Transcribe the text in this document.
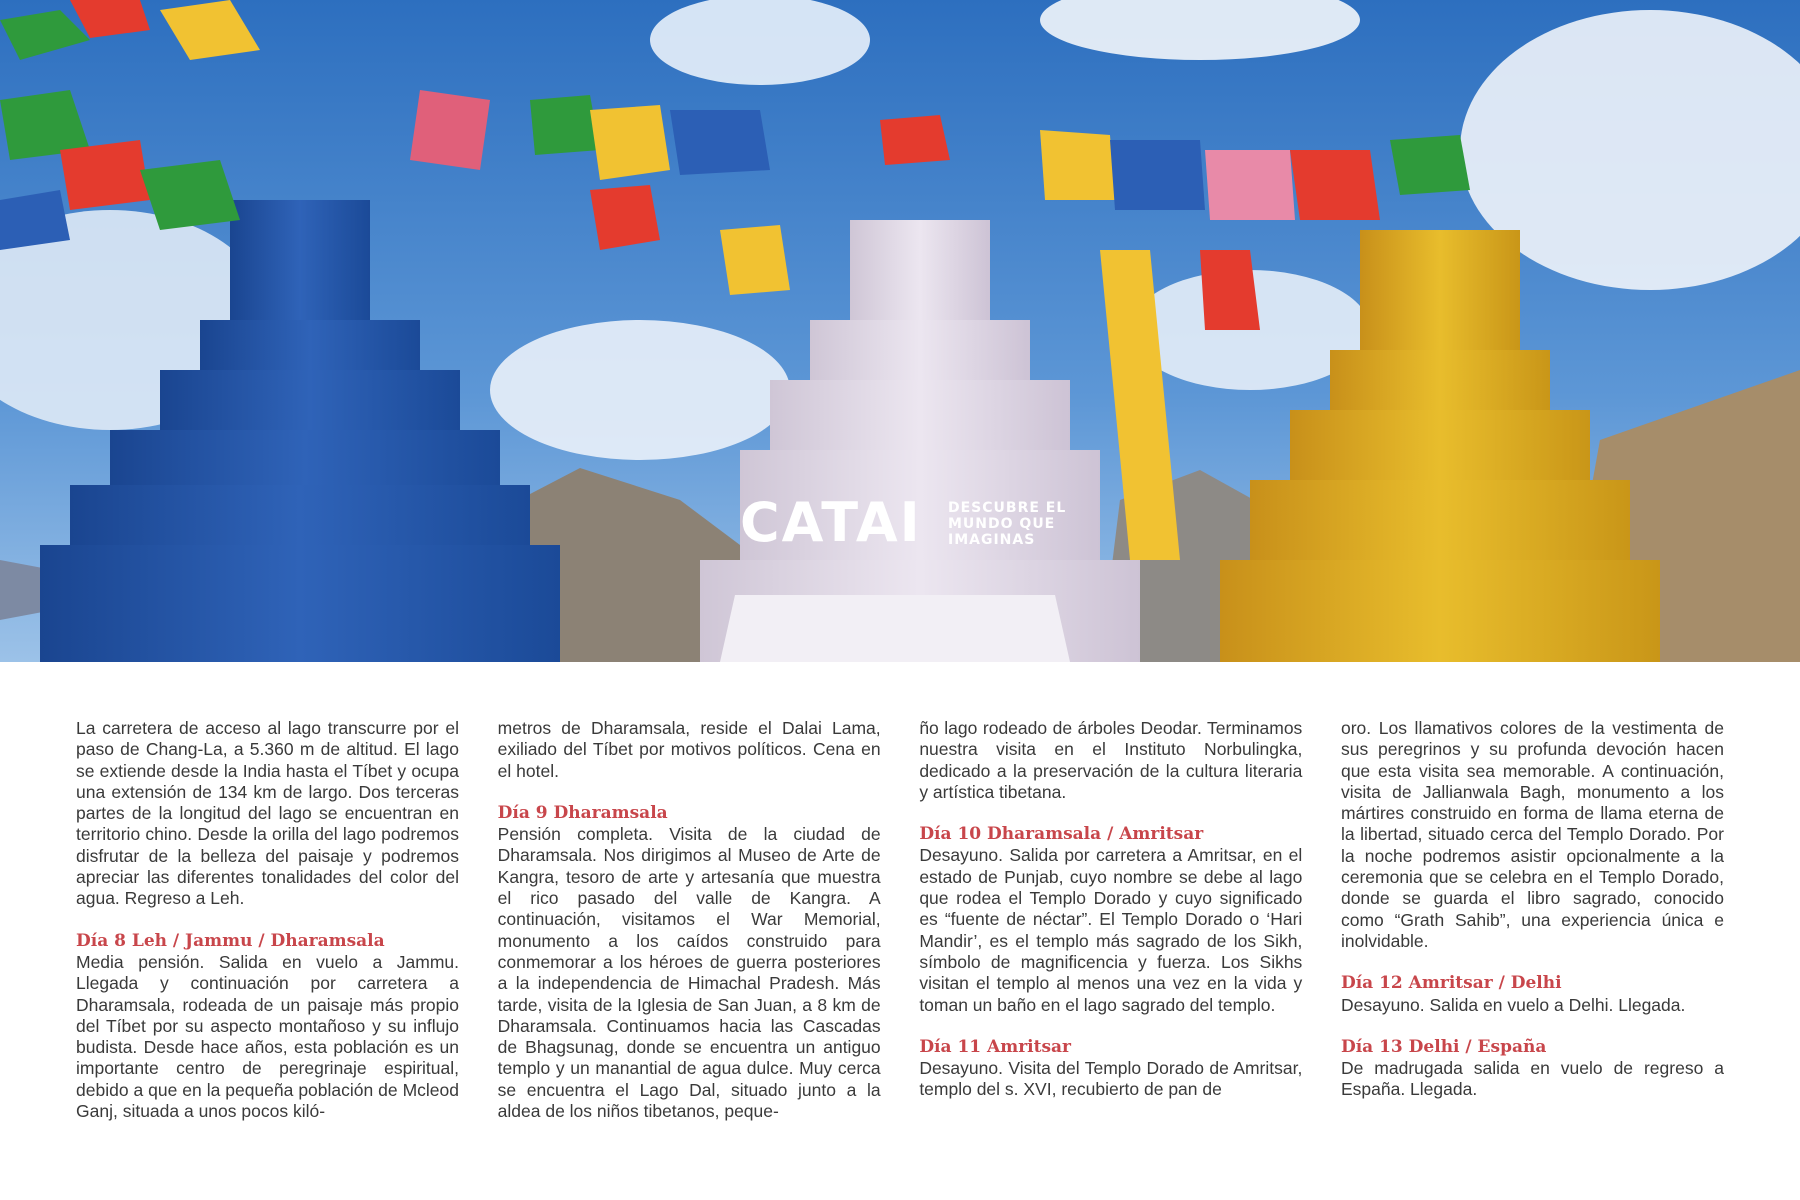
CATAI DESCUBRE EL MUNDO QUE IMAGINAS

La carretera de acceso al lago transcurre por el paso de Chang-La, a 5.360 m de altitud. El lago se extiende desde la India hasta el Tíbet y ocupa una extensión de 134 km de largo. Dos terceras partes de la longitud del lago se encuentran en territorio chino. Desde la orilla del lago podremos disfrutar de la belleza del paisaje y podremos apreciar las diferentes tonalidades del color del agua. Regreso a Leh.

Día 8 Leh / Jammu / Dharamsala

Media pensión. Salida en vuelo a Jammu. Llegada y continuación por carretera a Dharamsala, rodeada de un paisaje más propio del Tíbet por su aspecto montañoso y su influjo budista. Desde hace años, esta población es un importante centro de peregrinaje espiritual, debido a que en la pequeña población de Mcleod Ganj, situada a unos pocos kiló-

metros de Dharamsala, reside el Dalai Lama, exiliado del Tíbet por motivos políticos. Cena en el hotel.

Día 9 Dharamsala

Pensión completa. Visita de la ciudad de Dharamsala. Nos dirigimos al Museo de Arte de Kangra, tesoro de arte y artesanía que muestra el rico pasado del valle de Kangra. A continuación, visitamos el War Memorial, monumento a los caídos construido para conmemorar a los héroes de guerra posteriores a la independencia de Himachal Pradesh. Más tarde, visita de la Iglesia de San Juan, a 8 km de Dharamsala. Continuamos hacia las Cascadas de Bhagsunag, donde se encuentra un antiguo templo y un manantial de agua dulce. Muy cerca se encuentra el Lago Dal, situado junto a la aldea de los niños tibetanos, peque-

ño lago rodeado de árboles Deodar. Terminamos nuestra visita en el Instituto Norbulingka, dedicado a la preservación de la cultura literaria y artística tibetana.

Día 10 Dharamsala / Amritsar

Desayuno. Salida por carretera a Amritsar, en el estado de Punjab, cuyo nombre se debe al lago que rodea el Templo Dorado y cuyo significado es “fuente de néctar”. El Templo Dorado o ‘Hari Mandir’, es el templo más sagrado de los Sikh, símbolo de magnificencia y fuerza. Los Sikhs visitan el templo al menos una vez en la vida y toman un baño en el lago sagrado del templo.

Día 11 Amritsar

Desayuno. Visita del Templo Dorado de Amritsar, templo del s. XVI, recubierto de pan de

oro. Los llamativos colores de la vestimenta de sus peregrinos y su profunda devoción hacen que esta visita sea memorable. A continuación, visita de Jallianwala Bagh, monumento a los mártires construido en forma de llama eterna de la libertad, situado cerca del Templo Dorado. Por la noche podremos asistir opcionalmente a la ceremonia que se celebra en el Templo Dorado, donde se guarda el libro sagrado, conocido como “Grath Sahib”, una experiencia única e inolvidable.

Día 12 Amritsar / Delhi

Desayuno. Salida en vuelo a Delhi. Llegada.

Día 13 Delhi / España

De madrugada salida en vuelo de regreso a España. Llegada.
